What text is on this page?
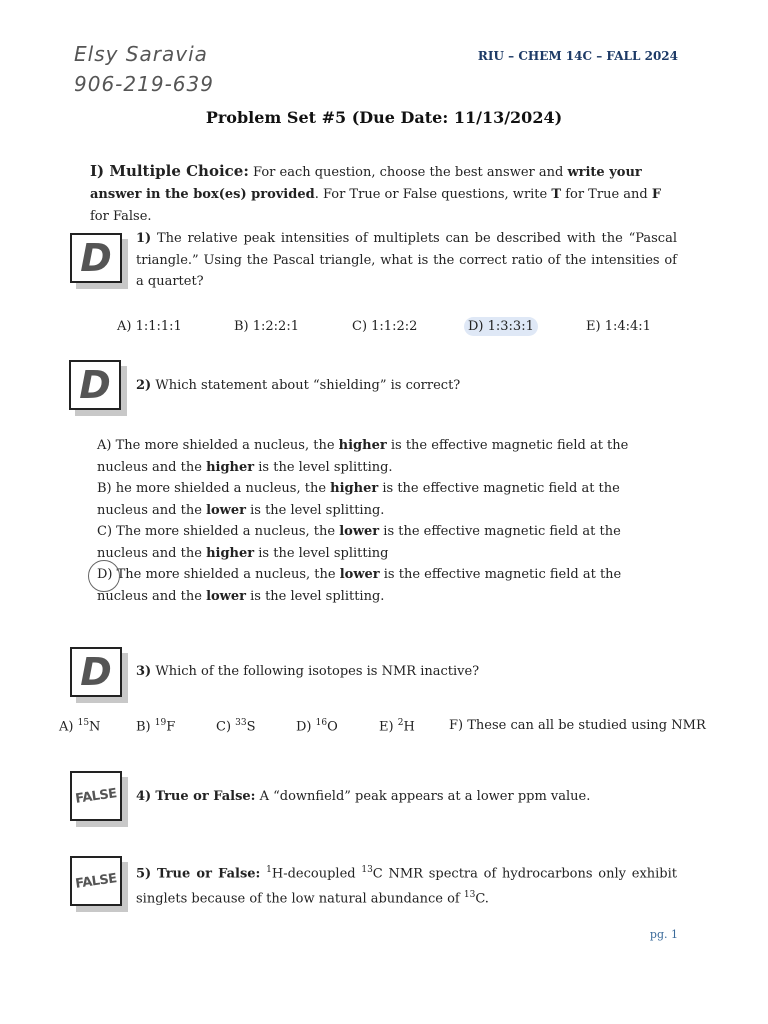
Elsy Saravia
906-219-639
RIU – CHEM 14C – FALL 2024
Problem Set #5 (Due Date: 11/13/2024)
I) Multiple Choice: For each question, choose the best answer and write your answer in the box(es) provided. For True or False questions, write T for True and F for False.
D	1) The relative peak intensities of multiplets can be described with the “Pascal triangle.” Using the Pascal triangle, what is the correct ratio of the intensities of a quartet?
A) 1:1:1:1	B) 1:2:2:1	C) 1:1:2:2	D) 1:3:3:1	E) 1:4:4:1
D	2) Which statement about “shielding” is correct?

A) The more shielded a nucleus, the higher is the effective magnetic field at the nucleus and the higher is the level splitting.

B) he more shielded a nucleus, the higher is the effective magnetic field at the nucleus and the lower is the level splitting.

C) The more shielded a nucleus, the lower is the effective magnetic field at the nucleus and the higher is the level splitting

D) The more shielded a nucleus, the lower is the effective magnetic field at the nucleus and the lower is the level splitting.

D	3) Which of the following isotopes is NMR inactive?
A) $^{15}$N	B) $^{19}$F	C) $^{33}$S	D) $^{16}$O	E) $^2$H	F) These can all be studied using NMR
FALSE	4) True or False: A “downfield” peak appears at a lower ppm value.
FALSE	5) True or False: $^1$H-decoupled $^{13}$C NMR spectra of hydrocarbons only exhibit singlets because of the low natural abundance of $^{13}$C.
pg. 1
